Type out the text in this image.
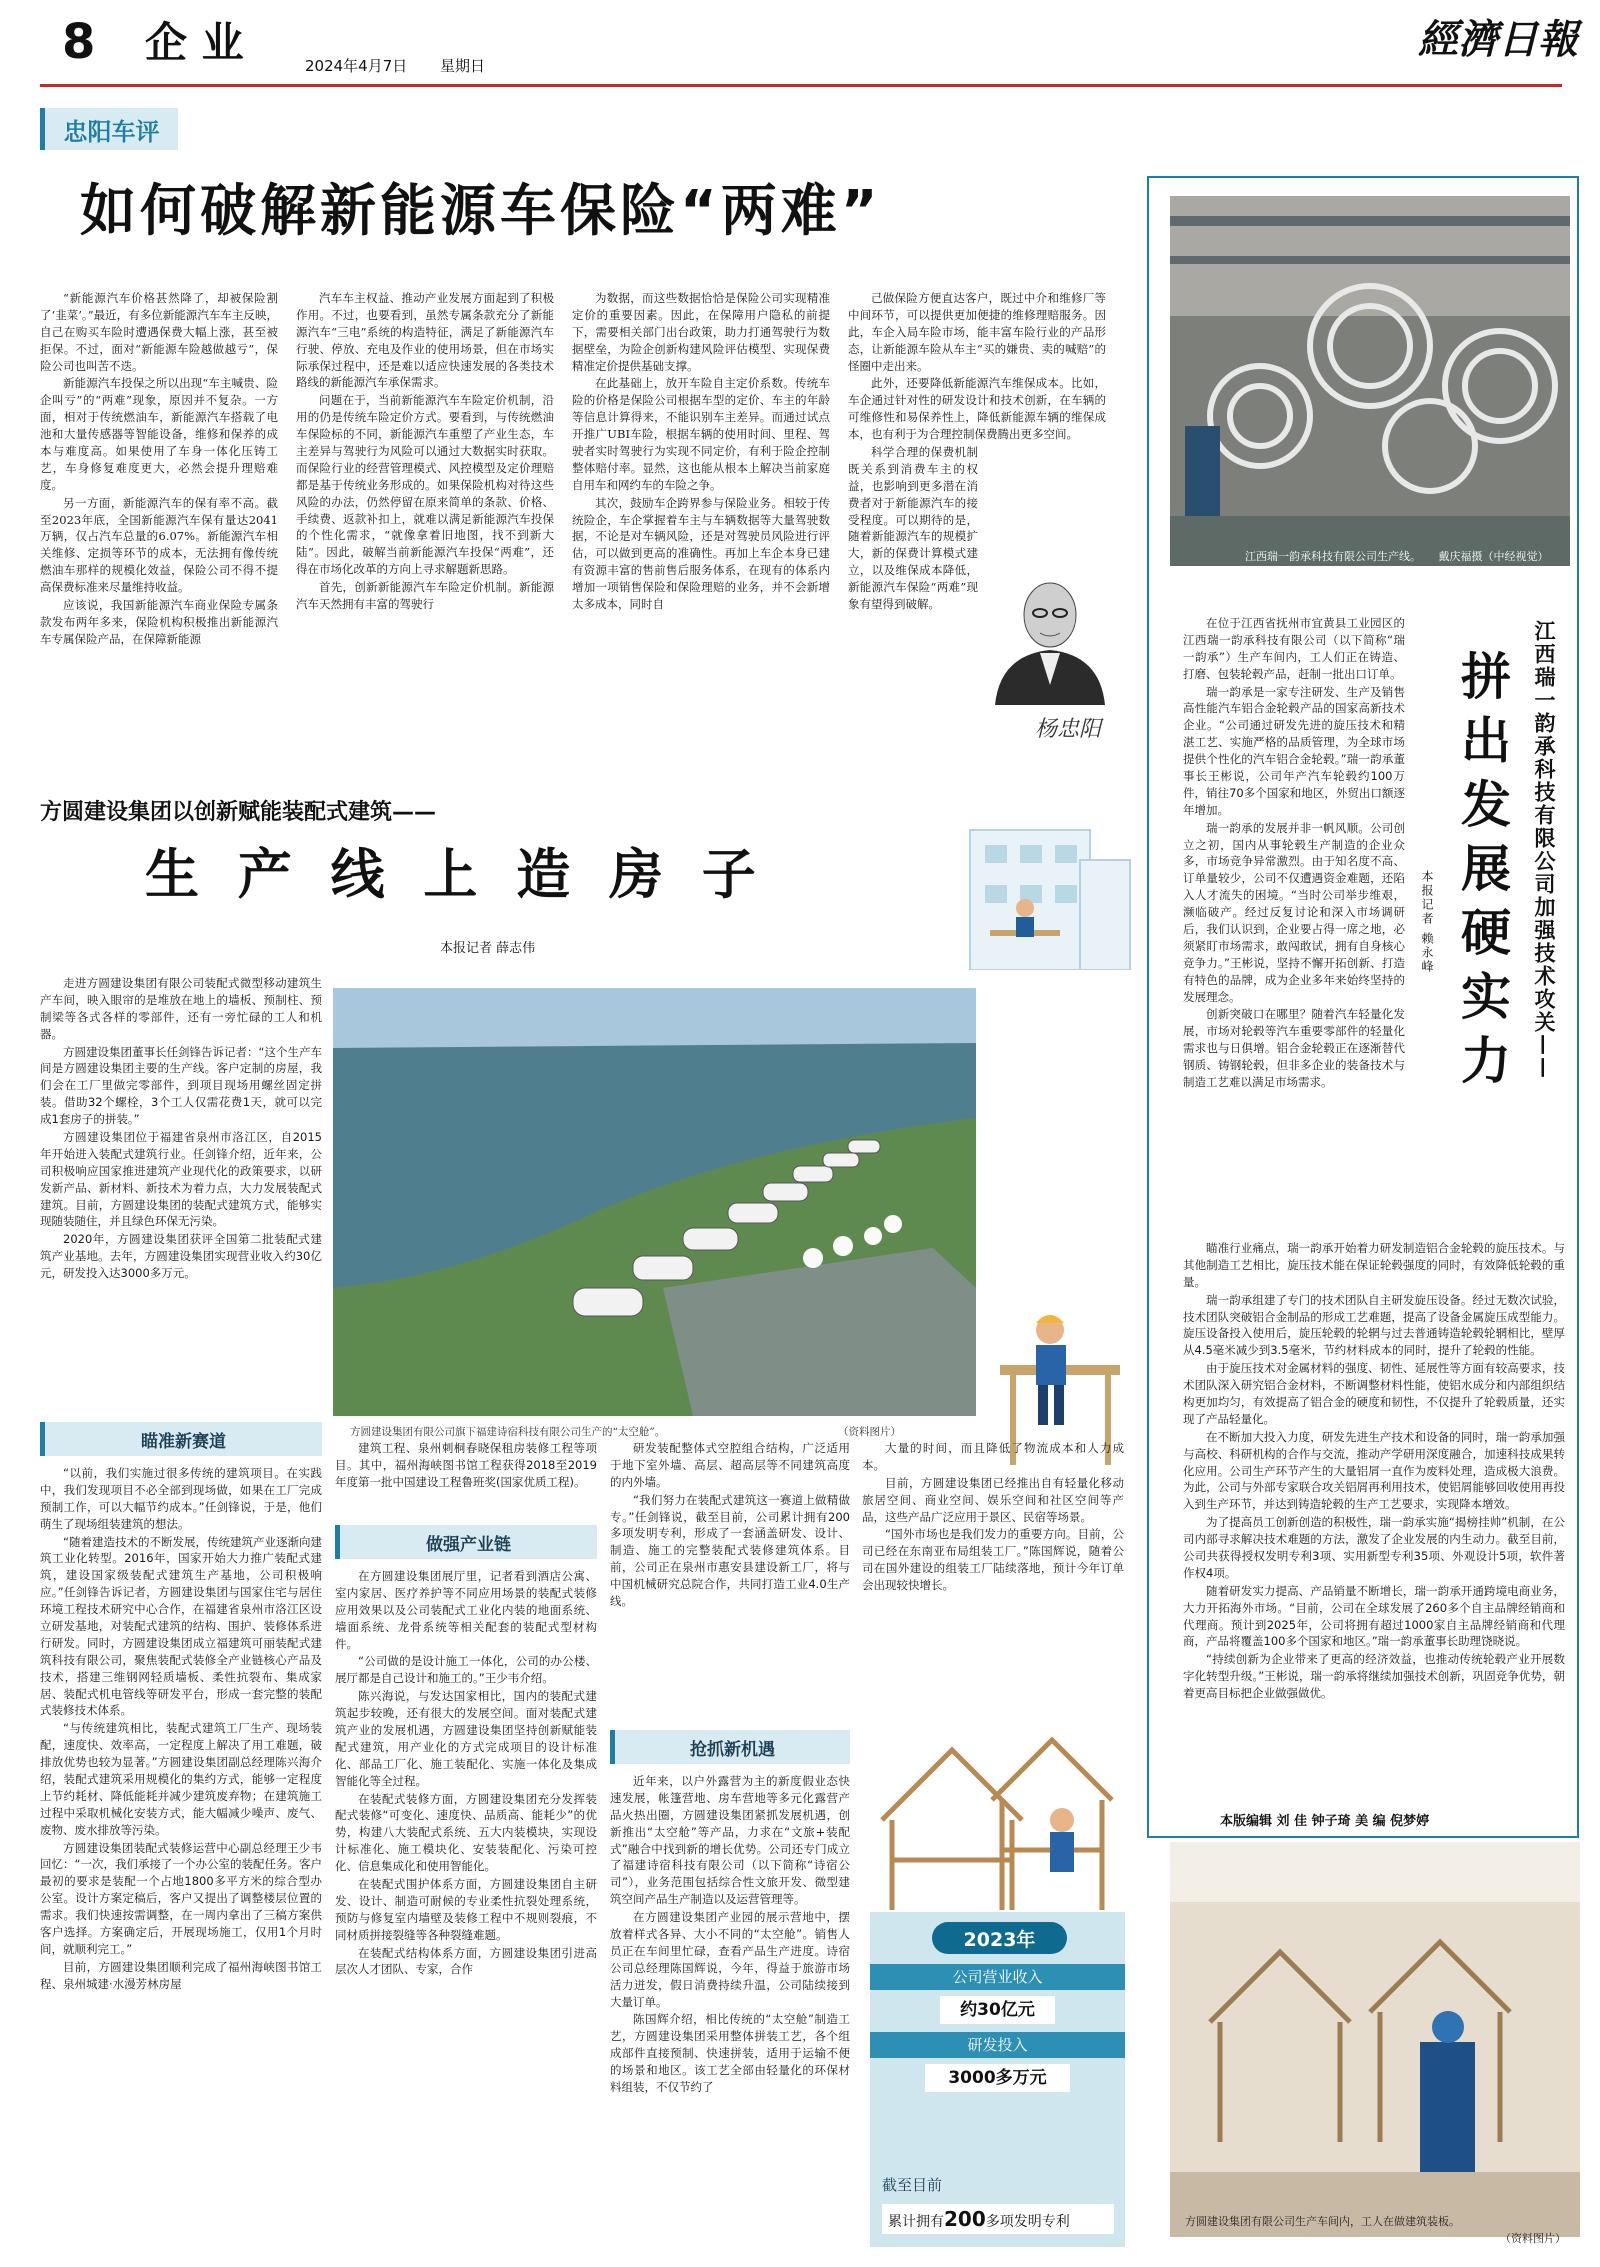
8 企 业	2024年4月7日 星期日
經濟日報
忠阳车评
如何破解新能源车保险“两难”

“新能源汽车价格甚然降了，却被保险割了‘韭菜’。”最近，有多位新能源汽车车主反映，自己在购买车险时遭遇保费大幅上涨，甚至被拒保。不过，面对“新能源车险越做越亏”，保险公司也叫苦不迭。

新能源汽车投保之所以出现“车主喊贵、险企叫亏”的“两难”现象，原因并不复杂。一方面，相对于传统燃油车，新能源汽车搭载了电池和大量传感器等智能设备，维修和保养的成本与难度高。如果使用了车身一体化压铸工艺，车身修复难度更大，必然会提升理赔难度。

另一方面，新能源汽车的保有率不高。截至2023年底，全国新能源汽车保有量达2041万辆，仅占汽车总量的6.07%。新能源汽车相关维修、定损等环节的成本，无法拥有像传统燃油车那样的规模化效益，保险公司不得不提高保费标准来尽量维持收益。

应该说，我国新能源汽车商业保险专属条款发布两年多来，保险机构积极推出新能源汽车专属保险产品，在保障新能源

汽车车主权益、推动产业发展方面起到了积极作用。不过，也要看到，虽然专属条款充分了新能源汽车“三电”系统的构造特征，满足了新能源汽车行驶、停放、充电及作业的使用场景，但在市场实际承保过程中，还是难以适应快速发展的各类技术路线的新能源汽车承保需求。

问题在于，当前新能源汽车车险定价机制，沿用的仍是传统车险定价方式。要看到，与传统燃油车保险标的不同，新能源汽车重塑了产业生态，车主差异与驾驶行为风险可以通过大数据实时获取。而保险行业的经营管理模式、风控模型及定价理赔都是基于传统业务形成的。如果保险机构对待这些风险的办法，仍然停留在原来简单的条款、价格、手续费、返款补扣上，就难以满足新能源汽车投保的个性化需求，“就像拿着旧地图，找不到新大陆”。因此，破解当前新能源汽车投保“两难”，还得在市场化改革的方向上寻求解题新思路。

首先，创新新能源汽车车险定价机制。新能源汽车天然拥有丰富的驾驶行

为数据，而这些数据恰恰是保险公司实现精准定价的重要因素。因此，在保障用户隐私的前提下，需要相关部门出台政策，助力打通驾驶行为数据壁垒，为险企创新构建风险评估模型、实现保费精准定价提供基础支撑。

在此基础上，放开车险自主定价系数。传统车险的价格是保险公司根据车型的定价、车主的年龄等信息计算得来，不能识别车主差异。而通过试点开推广UBI车险，根据车辆的使用时间、里程、驾驶者实时驾驶行为实现不同定价，有利于险企控制整体赔付率。显然，这也能从根本上解决当前家庭自用车和网约车的车险之争。

其次，鼓励车企跨界参与保险业务。相较于传统险企，车企掌握着车主与车辆数据等大量驾驶数据，不论是对车辆风险，还是对驾驶员风险进行评估，可以做到更高的准确性。再加上车企本身已建有资源丰富的售前售后服务体系，在现有的体系内增加一项销售保险和保险理赔的业务，并不会新增太多成本，同时自

己做保险方便直达客户，既过中介和维修厂等中间环节，可以提供更加便捷的维修理赔服务。因此，车企入局车险市场，能丰富车险行业的产品形态，让新能源车险从车主“买的嫌贵、卖的喊赔”的怪圈中走出来。

此外，还要降低新能源汽车维保成本。比如，车企通过针对性的研发设计和技术创新，在车辆的可维修性和易保养性上，降低新能源车辆的维保成本，也有利于为合理控制保费腾出更多空间。

科学合理的保费机制既关系到消费车主的权益，也影响到更多潜在消费者对于新能源汽车的接受程度。可以期待的是，随着新能源汽车的规模扩大，新的保费计算模式建立，以及维保成本降低，新能源汽车保险“两难”现象有望得到破解。

杨忠阳
江西瑞一韵承科技有限公司生产线。 戴庆福摄（中经视觉）
拼出发展硬实力 江西瑞一韵承科技有限公司加强技术攻关——
本报记者 赖永峰

在位于江西省抚州市宜黄县工业园区的江西瑞一韵承科技有限公司（以下简称“瑞一韵承”）生产车间内，工人们正在铸造、打磨、包装轮毂产品，赶制一批出口订单。

瑞一韵承是一家专注研发、生产及销售高性能汽车铝合金轮毂产品的国家高新技术企业。“公司通过研发先进的旋压技术和精湛工艺、实施严格的品质管理，为全球市场提供个性化的汽车铝合金轮毂。”瑞一韵承董事长王彬说，公司年产汽车轮毂约100万件，销往70多个国家和地区，外贸出口额逐年增加。

瑞一韵承的发展并非一帆风顺。公司创立之初，国内从事轮毂生产制造的企业众多，市场竞争异常激烈。由于知名度不高、订单量较少，公司不仅遭遇资金难题，还陷入人才流失的困境。“当时公司举步维艰，濒临破产。经过反复讨论和深入市场调研后，我们认识到，企业要占得一席之地，必须紧盯市场需求，敢闯敢试，拥有自身核心竞争力。”王彬说，坚持不懈开拓创新、打造有特色的品牌，成为企业多年来始终坚持的发展理念。

创新突破口在哪里？随着汽车轻量化发展，市场对轮毂等汽车重要零部件的轻量化需求也与日俱增。铝合金轮毂正在逐渐替代钢质、铸钢轮毂，但非多企业的装备技术与制造工艺难以满足市场需求。

瞄准行业痛点，瑞一韵承开始着力研发制造铝合金轮毂的旋压技术。与其他制造工艺相比，旋压技术能在保证轮毂强度的同时，有效降低轮毂的重量。

瑞一韵承组建了专门的技术团队自主研发旋压设备。经过无数次试验，技术团队突破铝合金制品的形成工艺难题，提高了设备金属旋压成型能力。旋压设备投入使用后，旋压轮毂的轮辋与过去普通铸造轮毂轮辋相比，壁厚从4.5毫米减少到3.5毫米，节约材料成本的同时，提升了轮毂的性能。

由于旋压技术对金属材料的强度、韧性、延展性等方面有较高要求，技术团队深入研究铝合金材料，不断调整材料性能，使铝水成分和内部组织结构更加均匀，有效提高了铝合金的硬度和韧性，不仅提升了轮毂质量，还实现了产品轻量化。

在不断加大投入力度，研发先进生产技术和设备的同时，瑞一韵承加强与高校、科研机构的合作与交流，推动产学研用深度融合，加速科技成果转化应用。公司生产环节产生的大量铝屑一直作为废料处理，造成极大浪费。为此，公司与外部专家联合攻关铝屑再利用技术，使铝屑能够回收使用再投入到生产环节，并达到铸造轮毂的生产工艺要求，实现降本增效。

为了提高员工创新创造的积极性，瑞一韵承实施“揭榜挂帅”机制，在公司内部寻求解决技术难题的方法，激发了企业发展的内生动力。截至目前，公司共获得授权发明专利3项、实用新型专利35项、外观设计5项，软件著作权4项。

随着研发实力提高、产品销量不断增长，瑞一韵承开通跨境电商业务，大力开拓海外市场。“目前，公司在全球发展了260多个自主品牌经销商和代理商。预计到2025年，公司将拥有超过1000家自主品牌经销商和代理商，产品将覆盖100多个国家和地区。”瑞一韵承董事长助理饶晓说。

“持续创新为企业带来了更高的经济效益，也推动传统轮毂产业开展数字化转型升级。”王彬说，瑞一韵承将继续加强技术创新，巩固竞争优势，朝着更高目标把企业做强做优。

本版编辑 刘 佳 钟子琦 美 编 倪梦婷
方圆建设集团有限公司生产车间内，工人在做建筑装板。
（资料图片）
方圆建设集团以创新赋能装配式建筑——
生 产 线 上 造 房 子
本报记者 薛志伟
方圆建设集团有限公司旗下福建诗宿科技有限公司生产的“太空舱”。	（资料图片）

走进方圆建设集团有限公司装配式微型移动建筑生产车间，映入眼帘的是堆放在地上的墙板、预制柱、预制梁等各式各样的零部件，还有一旁忙碌的工人和机器。

方圆建设集团董事长任剑锋告诉记者：“这个生产车间是方圆建设集团主要的生产线。客户定制的房屋，我们会在工厂里做完零部件，到项目现场用螺丝固定拼装。借助32个螺栓，3个工人仅需花费1天，就可以完成1套房子的拼装。”

方圆建设集团位于福建省泉州市洛江区，自2015年开始进入装配式建筑行业。任剑锋介绍，近年来，公司积极响应国家推进建筑产业现代化的政策要求，以研发新产品、新材料、新技术为着力点，大力发展装配式建筑。目前，方圆建设集团的装配式建筑方式，能够实现随装随住，并且绿色环保无污染。

2020年，方圆建设集团获评全国第二批装配式建筑产业基地。去年，方圆建设集团实现营业收入约30亿元，研发投入达3000多万元。

瞄准新赛道

“以前，我们实施过很多传统的建筑项目。在实践中，我们发现项目不必全部到现场做，如果在工厂完成预制工作，可以大幅节约成本。”任剑锋说，于是，他们萌生了现场组装建筑的想法。

“随着建造技术的不断发展，传统建筑产业逐渐向建筑工业化转型。2016年，国家开始大力推广装配式建筑，建设国家级装配式建筑生产基地，公司积极响应。”任剑锋告诉记者，方圆建设集团与国家住宅与居住环境工程技术研究中心合作，在福建省泉州市洛江区设立研发基地，对装配式建筑的结构、围护、装修体系进行研发。同时，方圆建设集团成立福建筑可丽装配式建筑科技有限公司，聚焦装配式装修全产业链核心产品及技术，搭建三维钢网轻质墙板、柔性抗裂布、集成家居、装配式机电管线等研发平台，形成一套完整的装配式装修技术体系。

“与传统建筑相比，装配式建筑工厂生产、现场装配，速度快、效率高，一定程度上解决了用工难题，破排放优势也较为显著。”方圆建设集团副总经理陈兴海介绍，装配式建筑采用规模化的集约方式，能够一定程度上节约耗材、降低能耗并减少建筑废弃物；在建筑施工过程中采取机械化安装方式，能大幅减少噪声、废气、废物、废水排放等污染。

方圆建设集团装配式装修运营中心副总经理王少韦回忆：“一次，我们承接了一个办公室的装配任务。客户最初的要求是装配一个占地1800多平方米的综合型办公室。设计方案定稿后，客户又提出了调整楼层位置的需求。我们快速按需调整，在一周内拿出了三稿方案供客户选择。方案确定后，开展现场施工，仅用1个月时间，就顺利完工。”

目前，方圆建设集团顺利完成了福州海峡图书馆工程、泉州城建·水漫芳林房屋

建筑工程、泉州刺桐春晓保租房装修工程等项目。其中，福州海峡图书馆工程获得2018至2019年度第一批中国建设工程鲁班奖(国家优质工程)。

做强产业链

在方圆建设集团展厅里，记者看到酒店公寓、室内家居、医疗养护等不同应用场景的装配式装修应用效果以及公司装配式工业化内装的地面系统、墙面系统、龙骨系统等相关配套的装配式型材构件。

“公司做的是设计施工一体化，公司的办公楼、展厅都是自己设计和施工的。”王少韦介绍。

陈兴海说，与发达国家相比，国内的装配式建筑起步较晚，还有很大的发展空间。面对装配式建筑产业的发展机遇，方圆建设集团坚持创新赋能装配式建筑，用产业化的方式完成项目的设计标准化、部品工厂化、施工装配化、实施一体化及集成智能化等全过程。

在装配式装修方面，方圆建设集团充分发挥装配式装修“可变化、速度快、品质高、能耗少”的优势，构建八大装配式系统、五大内装模块，实现设计标准化、施工模块化、安装装配化、污染可控化、信息集成化和使用智能化。

在装配式围护体系方面，方圆建设集团自主研发、设计、制造可耐候的专业柔性抗裂处理系统，预防与修复室内墙壁及装修工程中不规则裂痕，不同材质拼接裂缝等各种裂缝难题。

在装配式结构体系方面，方圆建设集团引进高层次人才团队、专家，合作

研发装配整体式空腔组合结构，广泛适用于地下室外墙、高层、超高层等不同建筑高度的内外墙。

“我们努力在装配式建筑这一赛道上做精做专。”任剑锋说，截至目前，公司累计拥有200多项发明专利，形成了一套涵盖研发、设计、制造、施工的完整装配式装修建筑体系。目前，公司正在泉州市惠安县建设新工厂，将与中国机械研究总院合作，共同打造工业4.0生产线。

抢抓新机遇

近年来，以户外露营为主的新度假业态快速发展，帐篷营地、房车营地等多元化露营产品火热出圈，方圆建设集团紧抓发展机遇，创新推出“太空舱”等产品，力求在“文旅+装配式”融合中找到新的增长优势。公司还专门成立了福建诗宿科技有限公司（以下简称“诗宿公司”），业务范围包括综合性文旅开发、微型建筑空间产品生产制造以及运营管理等。

在方圆建设集团产业园的展示营地中，摆放着样式各异、大小不同的“太空舱”。销售人员正在车间里忙碌，查看产品生产进度。诗宿公司总经理陈国辉说，今年，得益于旅游市场活力迸发，假日消费持续升温，公司陆续接到大量订单。

陈国辉介绍，相比传统的“太空舱”制造工艺，方圆建设集团采用整体拼装工艺，各个组成部件直接预制、快速拼装，适用于运输不便的场景和地区。该工艺全部由轻量化的环保材料组装，不仅节约了

大量的时间，而且降低了物流成本和人力成本。

目前，方圆建设集团已经推出自有轻量化移动旅居空间、商业空间、娱乐空间和社区空间等产品，这些产品广泛应用于景区、民宿等场景。

“国外市场也是我们发力的重要方向。目前，公司已经在东南亚布局组装工厂。”陈国辉说，随着公司在国外建设的组装工厂陆续落地，预计今年订单会出现较快增长。

2023年
公司营业收入
约30亿元
研发投入
3000多万元
截至目前
累计拥有200多项发明专利
